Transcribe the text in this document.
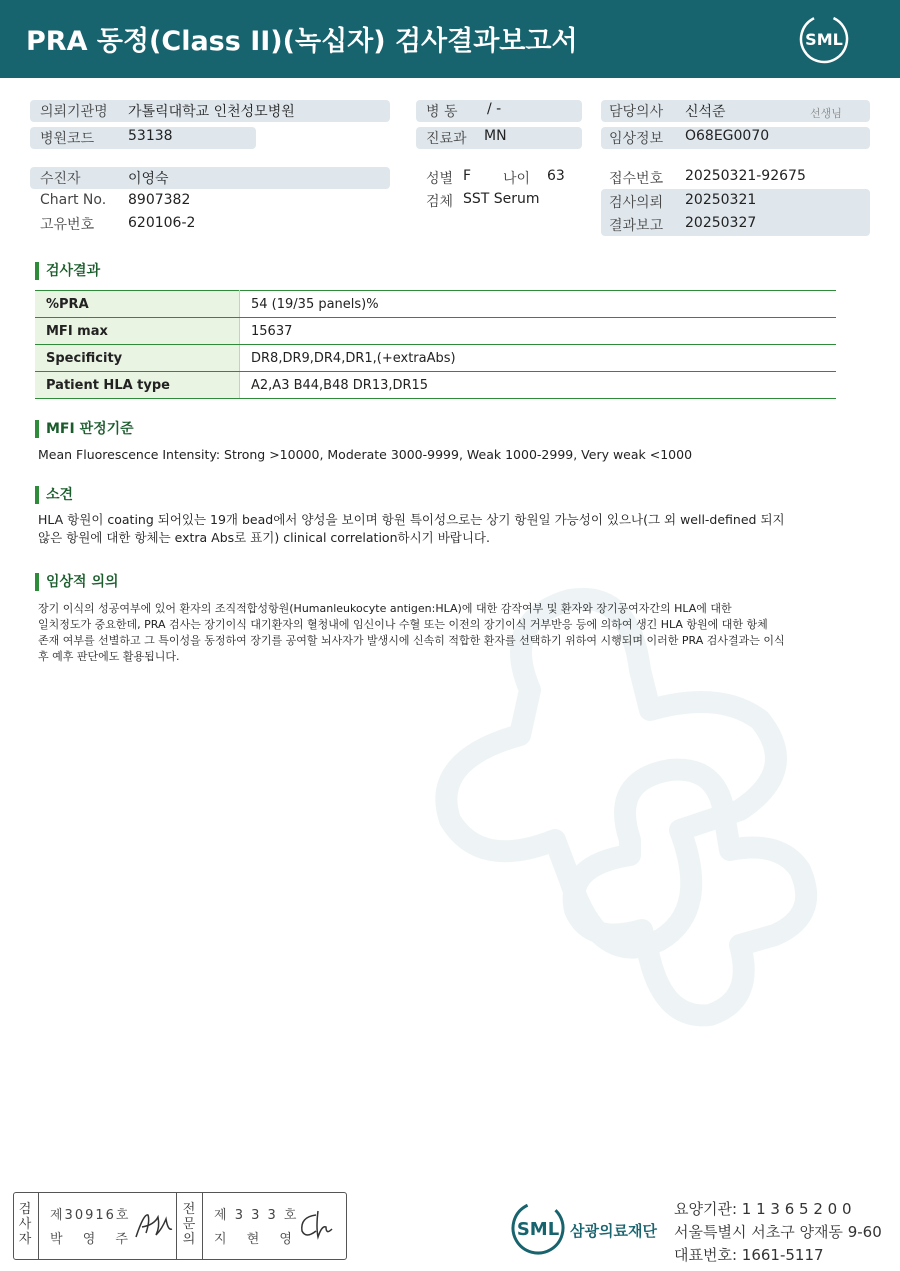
PRA 동정(Class II)(녹십자) 검사결과보고서	SML
의뢰기관명 가톨릭대학교 인천성모병원
병원코드 53138
병 동 / -
진료과 MN
담당의사 신석준	선생님
임상정보 O68EG0070
수진자	이영숙
Chart No. 8907382
고유번호 620106-2
성별 F 나이 63
검체 SST Serum
접수번호 20250321-92675
검사의뢰 20250321
결과보고 20250327
검사결과
%PRA	54 (19/35 panels)%
MFI max	15637
Specificity	DR8,DR9,DR4,DR1,(+extraAbs)
Patient HLA type	A2,A3 B44,B48 DR13,DR15
MFI 판정기준
Mean Fluorescence Intensity: Strong >10000, Moderate 3000-9999, Weak 1000-2999, Very weak <1000
소견
HLA 항원이 coating 되어있는 19개 bead에서 양성을 보이며 항원 특이성으로는 상기 항원일 가능성이 있으나(그 외 well-defined 되지
않은 항원에 대한 항체는 extra Abs로 표기) clinical correlation하시기 바랍니다.
임상적 의의
장기 이식의 성공여부에 있어 환자의 조직적합성항원(Humanleukocyte antigen:HLA)에 대한 감작여부 및 환자와 장기공여자간의 HLA에 대한
일치정도가 중요한데, PRA 검사는 장기이식 대기환자의 혈청내에 임신이나 수혈 또는 이전의 장기이식 거부반응 등에 의하여 생긴 HLA 항원에 대한 항체
존재 여부를 선별하고 그 특이성을 동정하여 장기를 공여할 뇌사자가 발생시에 신속히 적합한 환자를 선택하기 위하여 시행되며 이러한 PRA 검사결과는 이식
후 예후 판단에도 활용됩니다.
검
사
자
제30916호
박 영 주
전
문
의
제 3 3 3 호
지 현 영	SML 삼광의료재단
요양기관: 1 1 3 6 5 2 0 0
서울특별시 서초구 양재동 9-60
대표번호: 1661-5117
